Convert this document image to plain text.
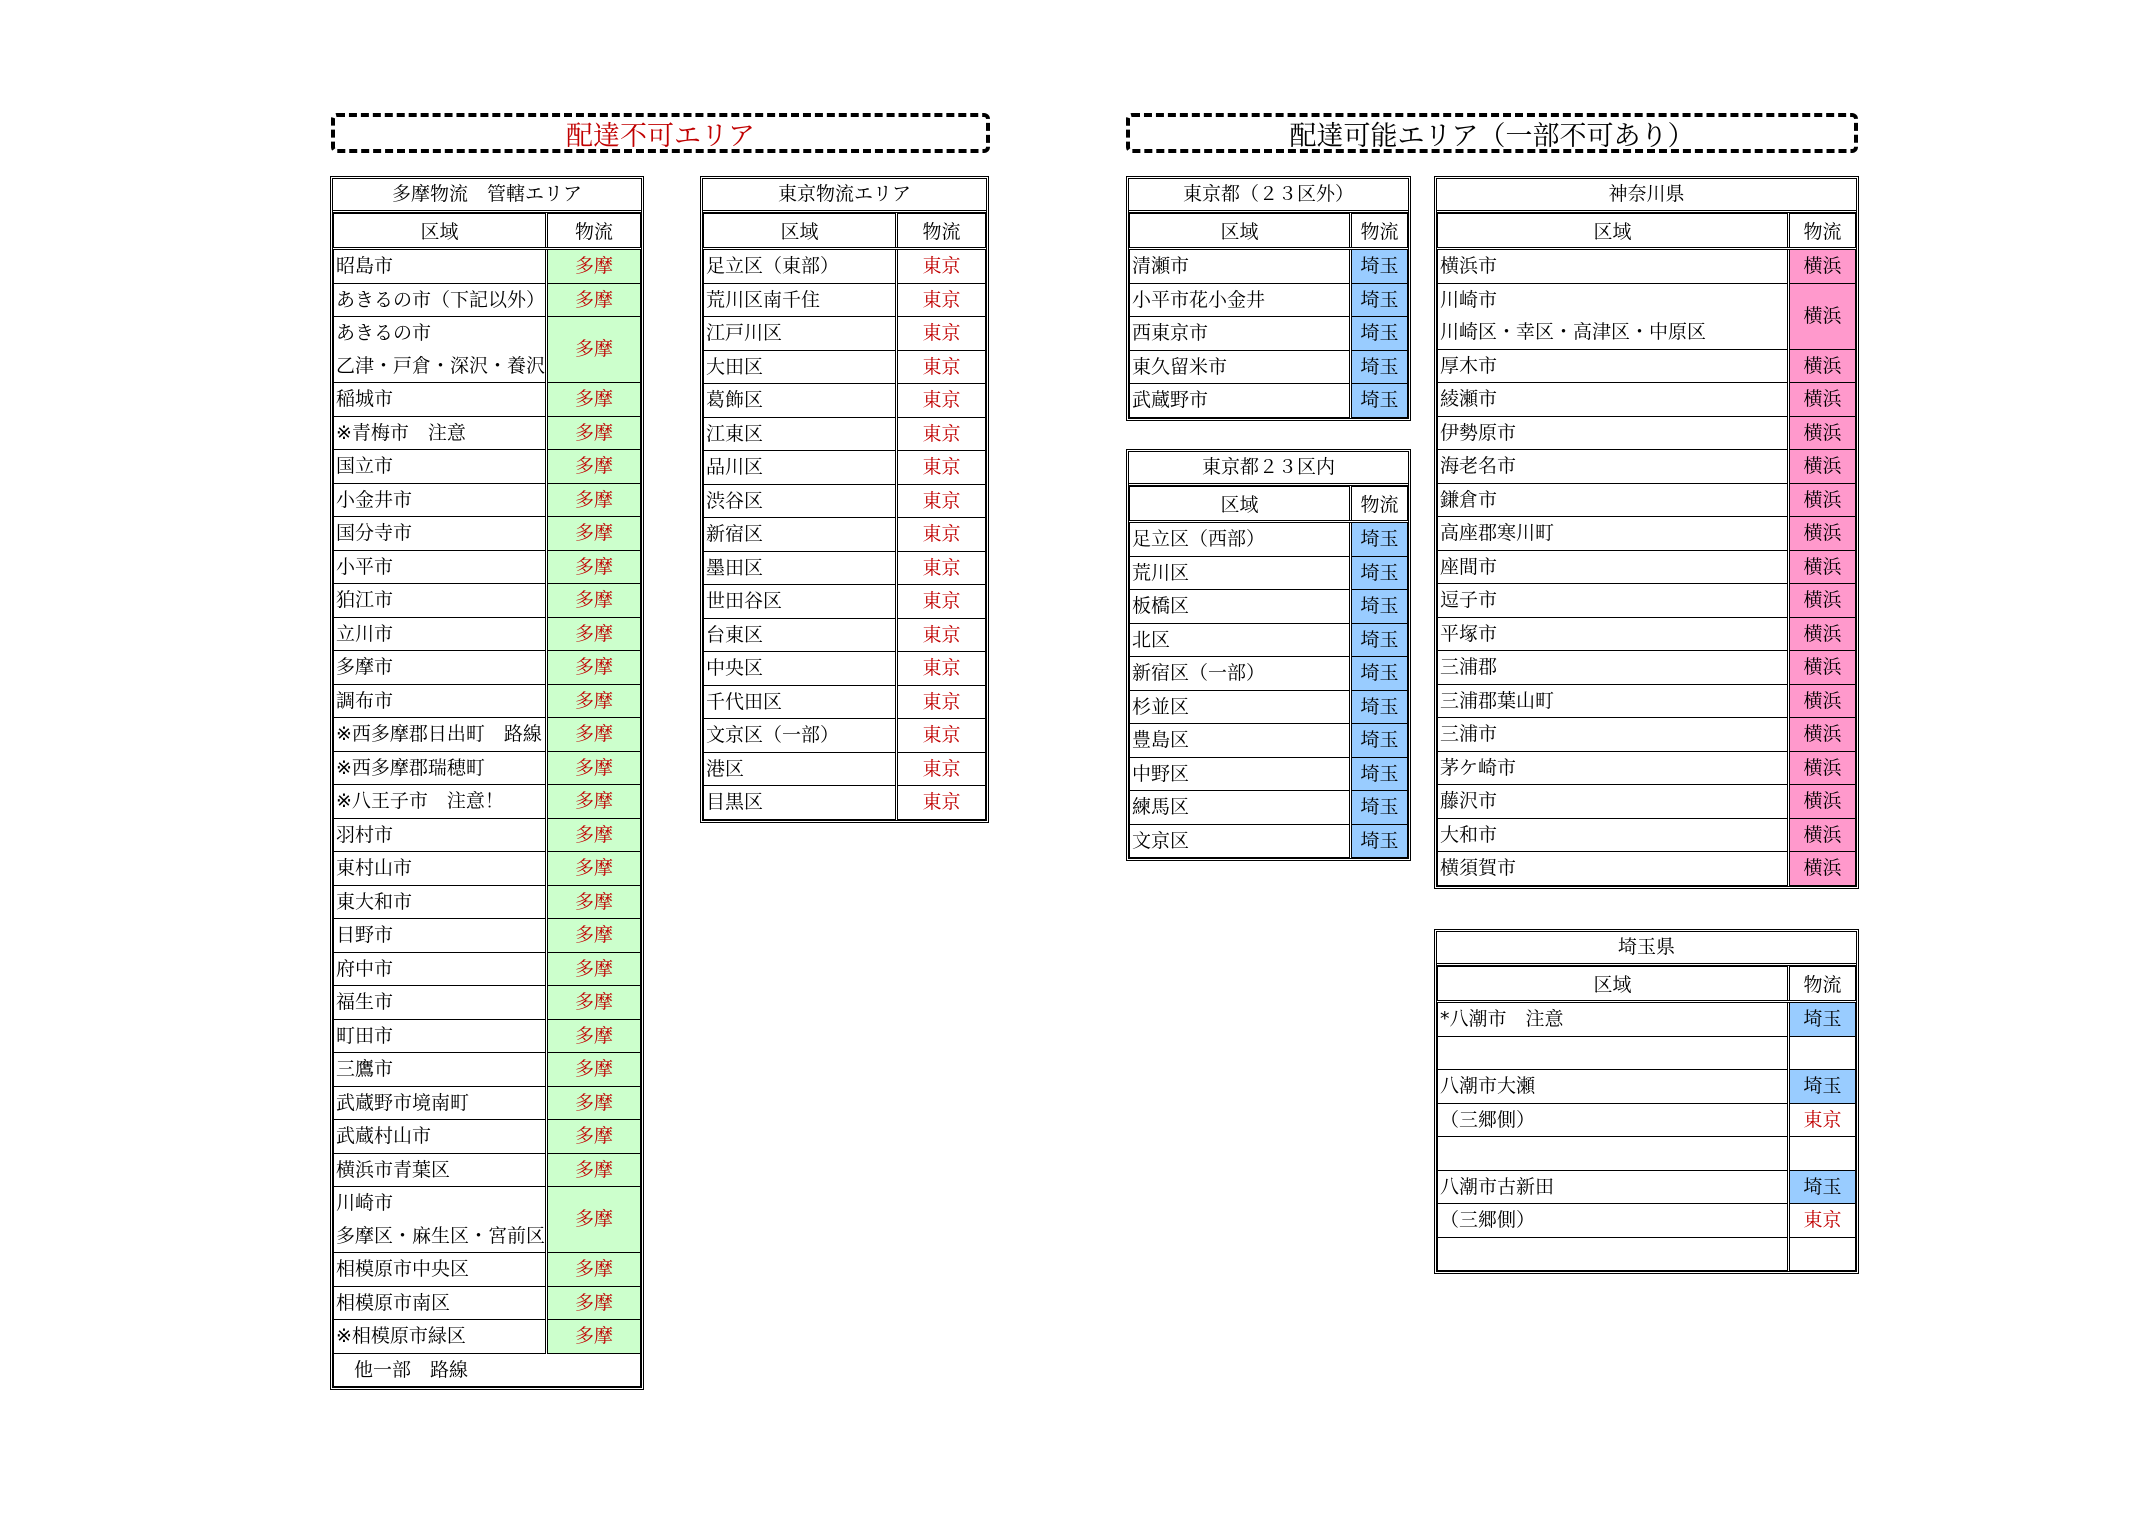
配達不可エリア	配達可能エリア（一部不可あり）
多摩物流　管轄エリア
区域	物流
昭島市	多摩
あきるの市（下記以外）	多摩

あきるの市
乙津・戸倉・深沢・養沢	多摩
稲城市	多摩
※青梅市　注意	多摩
国立市	多摩
小金井市	多摩
国分寺市	多摩
小平市	多摩
狛江市	多摩
立川市	多摩
多摩市	多摩
調布市	多摩
※西多摩郡日出町　路線	多摩
※西多摩郡瑞穂町	多摩
※八王子市　注意！	多摩
羽村市	多摩
東村山市	多摩
東大和市	多摩
日野市	多摩
府中市	多摩
福生市	多摩
町田市	多摩
三鷹市	多摩
武蔵野市境南町	多摩
武蔵村山市	多摩
横浜市青葉区	多摩

川崎市
多摩区・麻生区・宮前区	多摩
相模原市中央区	多摩
相模原市南区	多摩
※相模原市緑区	多摩
他一部　路線	
東京物流エリア
区域	物流
足立区（東部）	東京
荒川区南千住	東京
江戸川区	東京
大田区	東京
葛飾区	東京
江東区	東京
品川区	東京
渋谷区	東京
新宿区	東京
墨田区	東京
世田谷区	東京
台東区	東京
中央区	東京
千代田区	東京
文京区（一部）	東京
港区	東京
目黒区	東京
東京都（２３区外）
区域	物流
清瀬市	埼玉
小平市花小金井	埼玉
西東京市	埼玉
東久留米市	埼玉
武蔵野市	埼玉
東京都２３区内
区域	物流
足立区（西部）	埼玉
荒川区	埼玉
板橋区	埼玉
北区	埼玉
新宿区（一部）	埼玉
杉並区	埼玉
豊島区	埼玉
中野区	埼玉
練馬区	埼玉
文京区	埼玉
神奈川県
区域	物流
横浜市	横浜

川崎市
川崎区・幸区・高津区・中原区	横浜
厚木市	横浜
綾瀬市	横浜
伊勢原市	横浜
海老名市	横浜
鎌倉市	横浜
高座郡寒川町	横浜
座間市	横浜
逗子市	横浜
平塚市	横浜
三浦郡	横浜
三浦郡葉山町	横浜
三浦市	横浜
茅ケ崎市	横浜
藤沢市	横浜
大和市	横浜
横須賀市	横浜
埼玉県
区域	物流
*八潮市　注意	埼玉

八潮市大瀬	埼玉
（三郷側）	東京

八潮市古新田	埼玉
（三郷側）	東京
